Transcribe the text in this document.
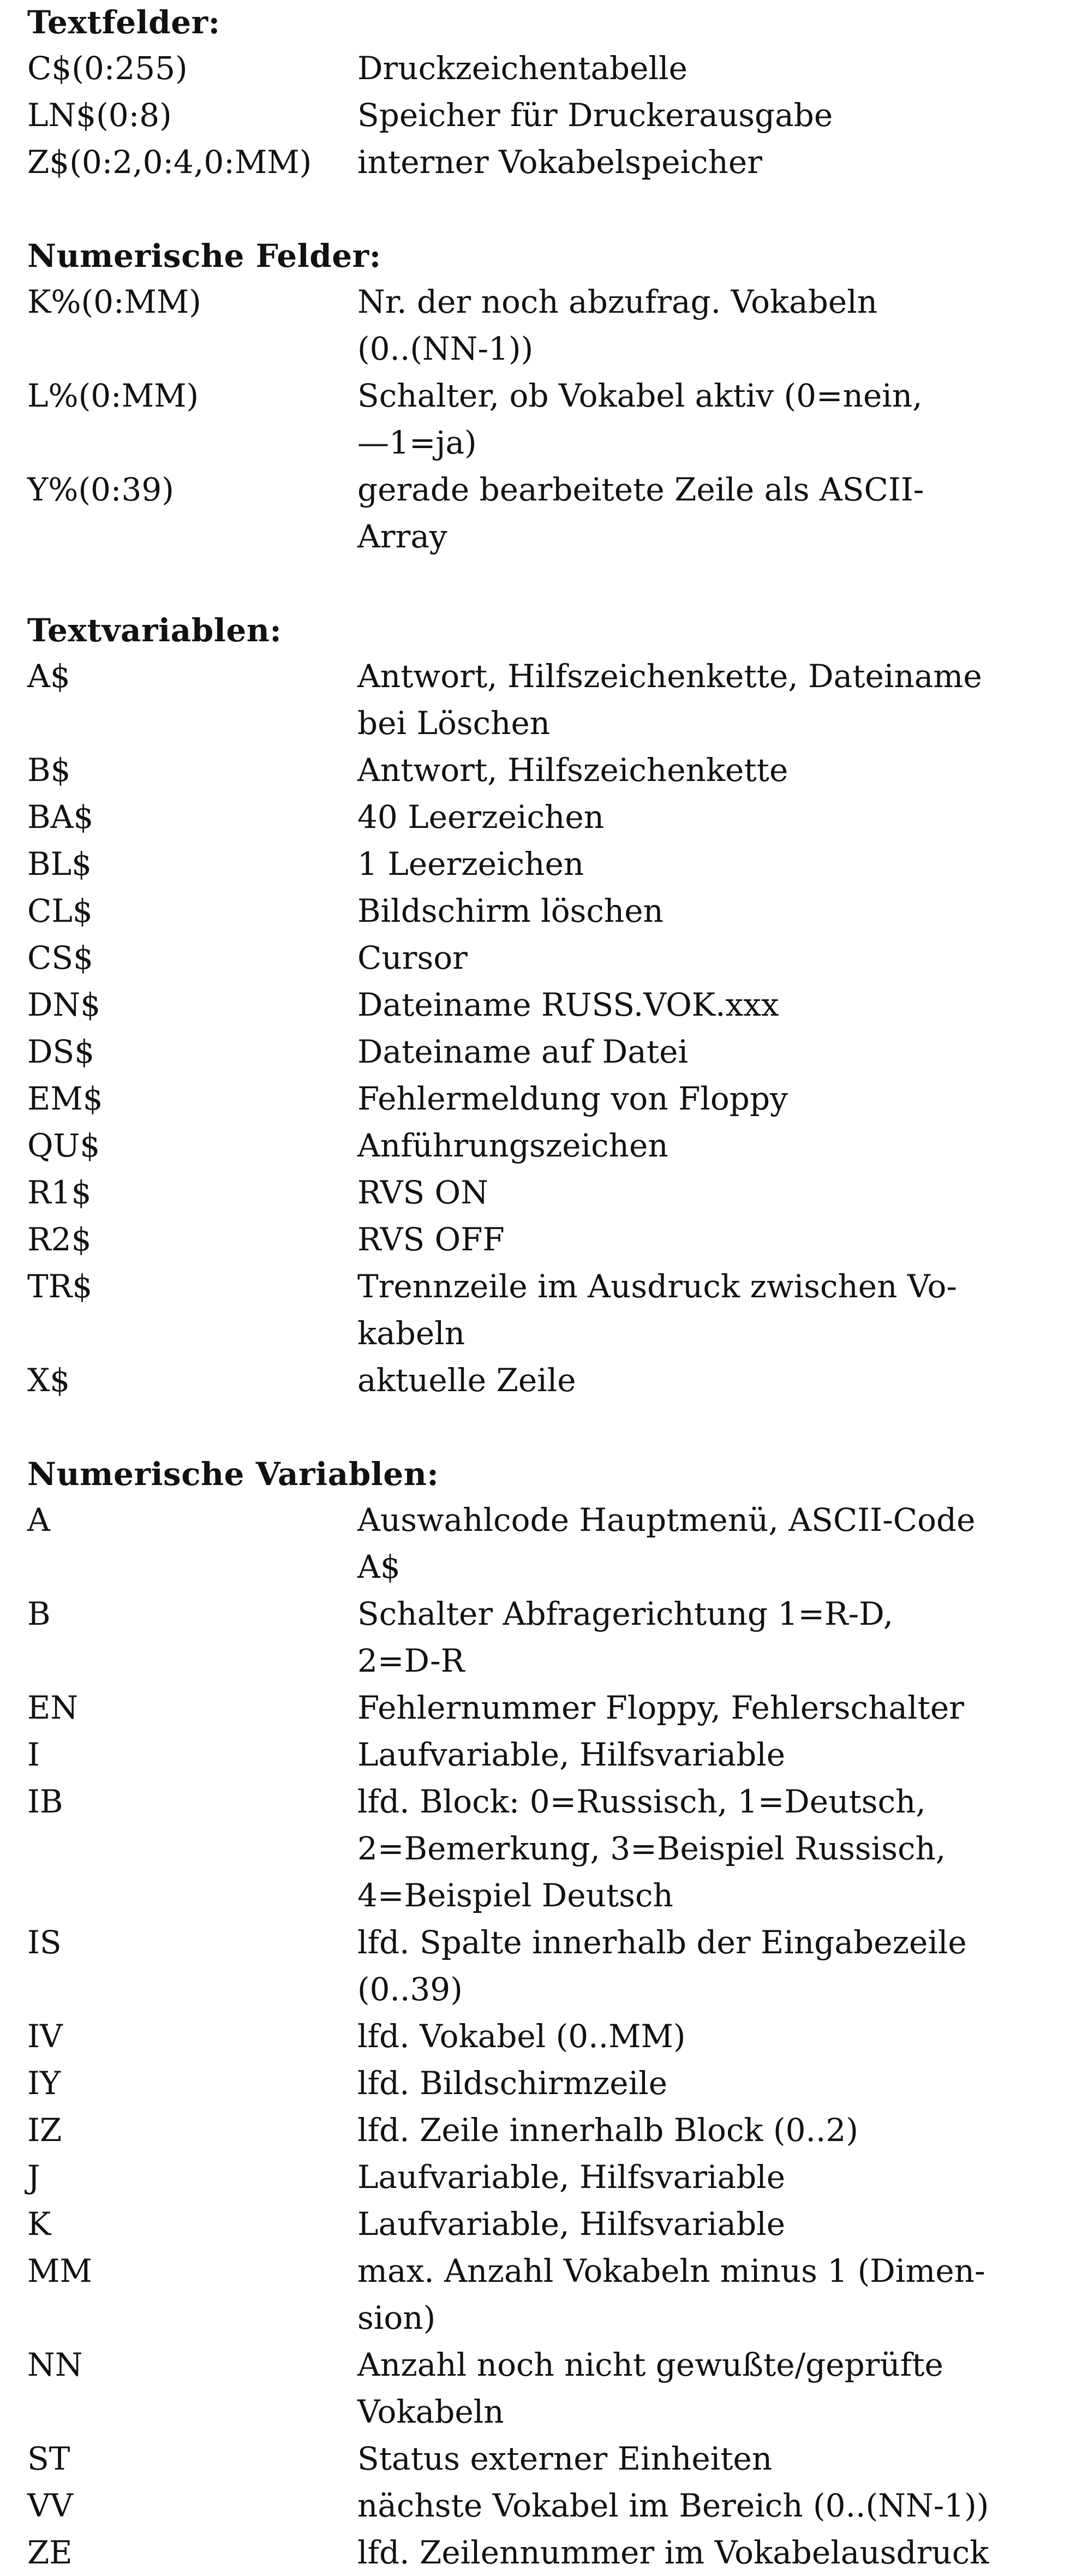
Textfelder:
C$(0:255)	Druckzeichentabelle
LN$(0:8)	Speicher für Druckerausgabe
Z$(0:2,0:4,0:MM)	interner Vokabelspeicher
Numerische Felder:
K%(0:MM)	Nr. der noch abzufrag. Vokabeln
(0..(NN-1))
L%(0:MM)	Schalter, ob Vokabel aktiv (0=nein,
—1=ja)
Y%(0:39)	gerade bearbeitete Zeile als ASCII-
Array
Textvariablen:
A$	Antwort, Hilfszeichenkette, Dateiname
bei Löschen
B$	Antwort, Hilfszeichenkette
BA$	40 Leerzeichen
BL$	1 Leerzeichen
CL$	Bildschirm löschen
CS$	Cursor
DN$	Dateiname RUSS.VOK.xxx
DS$	Dateiname auf Datei
EM$	Fehlermeldung von Floppy
QU$	Anführungszeichen
R1$	RVS ON
R2$	RVS OFF
TR$	Trennzeile im Ausdruck zwischen Vo-
kabeln
X$	aktuelle Zeile
Numerische Variablen:
A	Auswahlcode Hauptmenü, ASCII-Code
A$
B	Schalter Abfragerichtung 1=R-D,
2=D-R
EN	Fehlernummer Floppy, Fehlerschalter
I	Laufvariable, Hilfsvariable
IB	lfd. Block: 0=Russisch, 1=Deutsch,
2=Bemerkung, 3=Beispiel Russisch,
4=Beispiel Deutsch
IS	lfd. Spalte innerhalb der Eingabezeile
(0..39)
IV	lfd. Vokabel (0..MM)
IY	lfd. Bildschirmzeile
IZ	lfd. Zeile innerhalb Block (0..2)
J	Laufvariable, Hilfsvariable
K	Laufvariable, Hilfsvariable
MM	max. Anzahl Vokabeln minus 1 (Dimen-
sion)
NN	Anzahl noch nicht gewußte/geprüfte
Vokabeln
ST	Status externer Einheiten
VV	nächste Vokabel im Bereich (0..(NN-1))
ZE	lfd. Zeilennummer im Vokabelausdruck
